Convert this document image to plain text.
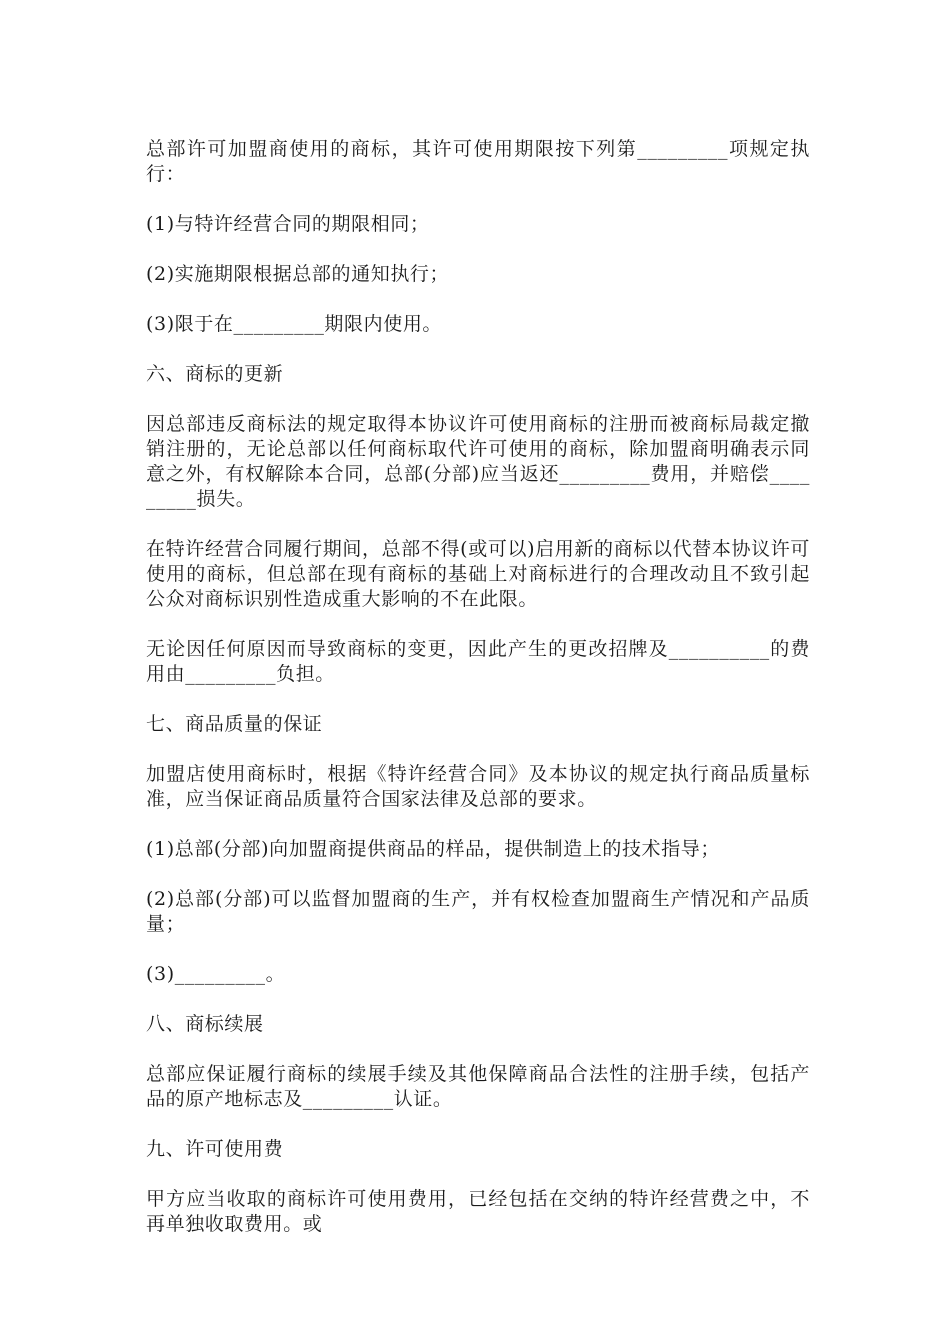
总部许可加盟商使用的商标，其许可使用期限按下列第_________项规定执行：

(1)与特许经营合同的期限相同；

(2)实施期限根据总部的通知执行；

(3)限于在_________期限内使用。

六、商标的更新

因总部违反商标法的规定取得本协议许可使用商标的注册而被商标局裁定撤销注册的，无论总部以任何商标取代许可使用的商标，除加盟商明确表示同意之外，有权解除本合同，总部(分部)应当返还_________费用，并赔偿_________损失。

在特许经营合同履行期间，总部不得(或可以)启用新的商标以代替本协议许可使用的商标，但总部在现有商标的基础上对商标进行的合理改动且不致引起公众对商标识别性造成重大影响的不在此限。

无论因任何原因而导致商标的变更，因此产生的更改招牌及__________的费用由_________负担。

七、商品质量的保证

加盟店使用商标时，根据《特许经营合同》及本协议的规定执行商品质量标准，应当保证商品质量符合国家法律及总部的要求。

(1)总部(分部)向加盟商提供商品的样品，提供制造上的技术指导；

(2)总部(分部)可以监督加盟商的生产，并有权检查加盟商生产情况和产品质量；

(3)_________。

八、商标续展

总部应保证履行商标的续展手续及其他保障商品合法性的注册手续，包括产品的原产地标志及_________认证。

九、许可使用费

甲方应当收取的商标许可使用费用，已经包括在交纳的特许经营费之中，不再单独收取费用。或
